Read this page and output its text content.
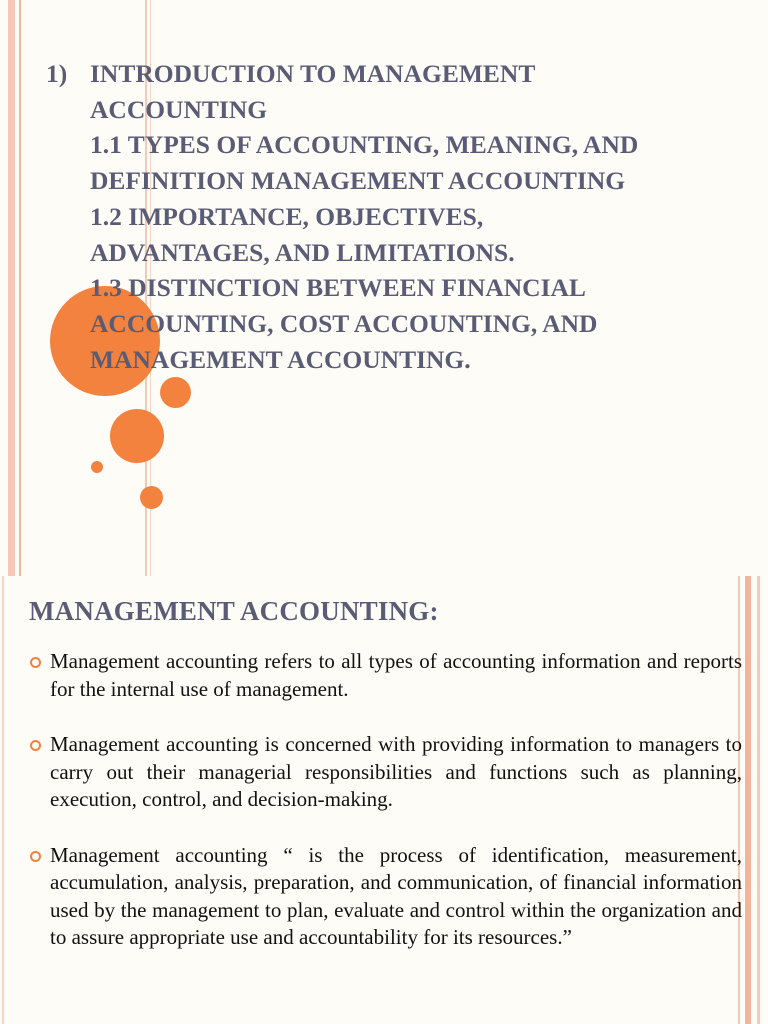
1) INTRODUCTION TO MANAGEMENT
ACCOUNTING
1.1 TYPES OF ACCOUNTING, MEANING, AND
DEFINITION MANAGEMENT ACCOUNTING
1.2 IMPORTANCE, OBJECTIVES,
ADVANTAGES, AND LIMITATIONS.
1.3 DISTINCTION BETWEEN FINANCIAL
ACCOUNTING, COST ACCOUNTING, AND
MANAGEMENT ACCOUNTING.
MANAGEMENT ACCOUNTING:
Management accounting refers to all types of accounting information and reports for the internal use of management.
Management accounting is concerned with providing information to managers to carry out their managerial responsibilities and functions such as planning, execution, control, and decision-making.
Management accounting “ is the process of identification, measurement, accumulation, analysis, preparation, and communication, of financial information used by the management to plan, evaluate and control within the organization and to assure appropriate use and accountability for its resources.”
